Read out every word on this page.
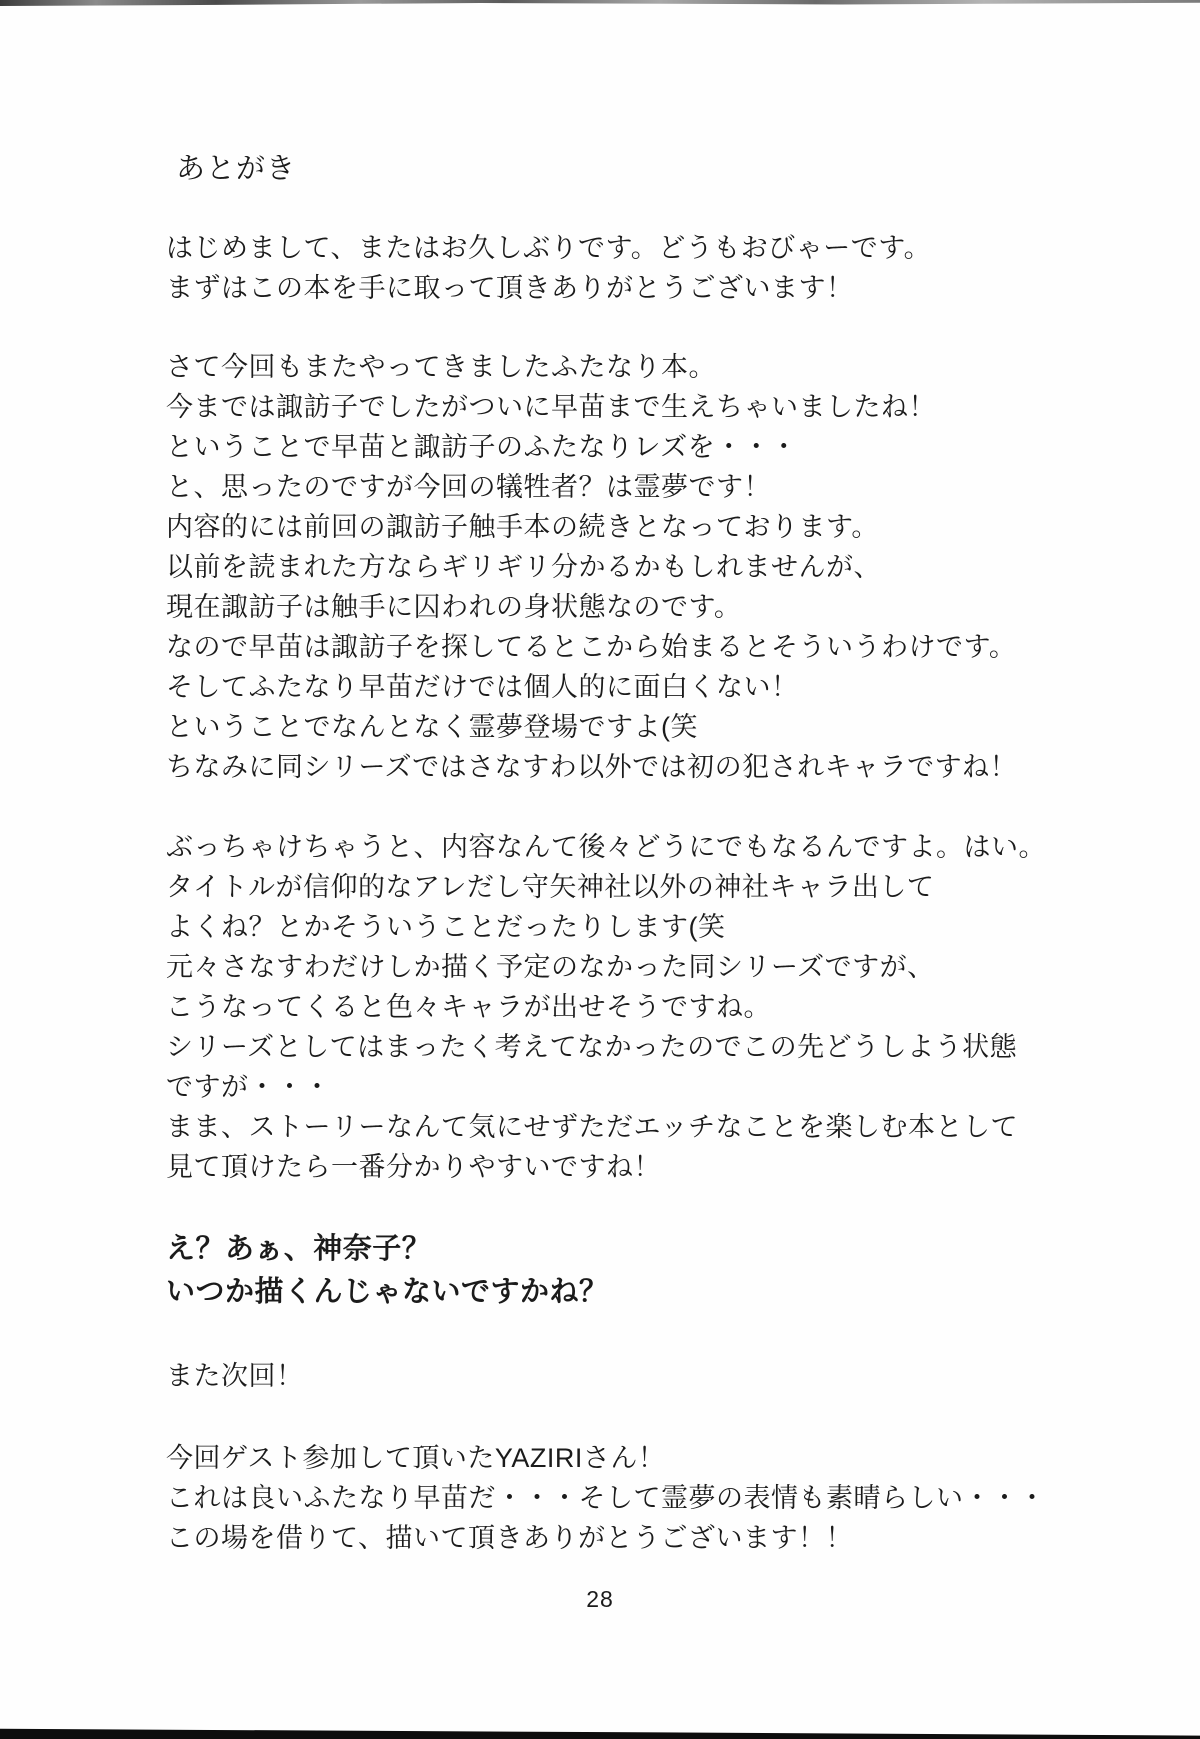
あとがき
はじめまして、またはお久しぶりです。どうもおびゃーです。
まずはこの本を手に取って頂きありがとうございます！
さて今回もまたやってきましたふたなり本。
今までは諏訪子でしたがついに早苗まで生えちゃいましたね！
ということで早苗と諏訪子のふたなりレズを・・・
と、思ったのですが今回の犠牲者？は霊夢です！
内容的には前回の諏訪子触手本の続きとなっております。
以前を読まれた方ならギリギリ分かるかもしれませんが、
現在諏訪子は触手に囚われの身状態なのです。
なので早苗は諏訪子を探してるとこから始まるとそういうわけです。
そしてふたなり早苗だけでは個人的に面白くない！
ということでなんとなく霊夢登場ですよ(笑
ちなみに同シリーズではさなすわ以外では初の犯されキャラですね！
ぶっちゃけちゃうと、内容なんて後々どうにでもなるんですよ。はい。
タイトルが信仰的なアレだし守矢神社以外の神社キャラ出して
よくね？とかそういうことだったりします(笑
元々さなすわだけしか描く予定のなかった同シリーズですが、
こうなってくると色々キャラが出せそうですね。
シリーズとしてはまったく考えてなかったのでこの先どうしよう状態
ですが・・・
まま、ストーリーなんて気にせずただエッチなことを楽しむ本として
見て頂けたら一番分かりやすいですね！
え？あぁ、神奈子？
いつか描くんじゃないですかね？
また次回！
今回ゲスト参加して頂いたYAZIRIさん！
これは良いふたなり早苗だ・・・そして霊夢の表情も素晴らしい・・・
この場を借りて、描いて頂きありがとうございます！！
28
